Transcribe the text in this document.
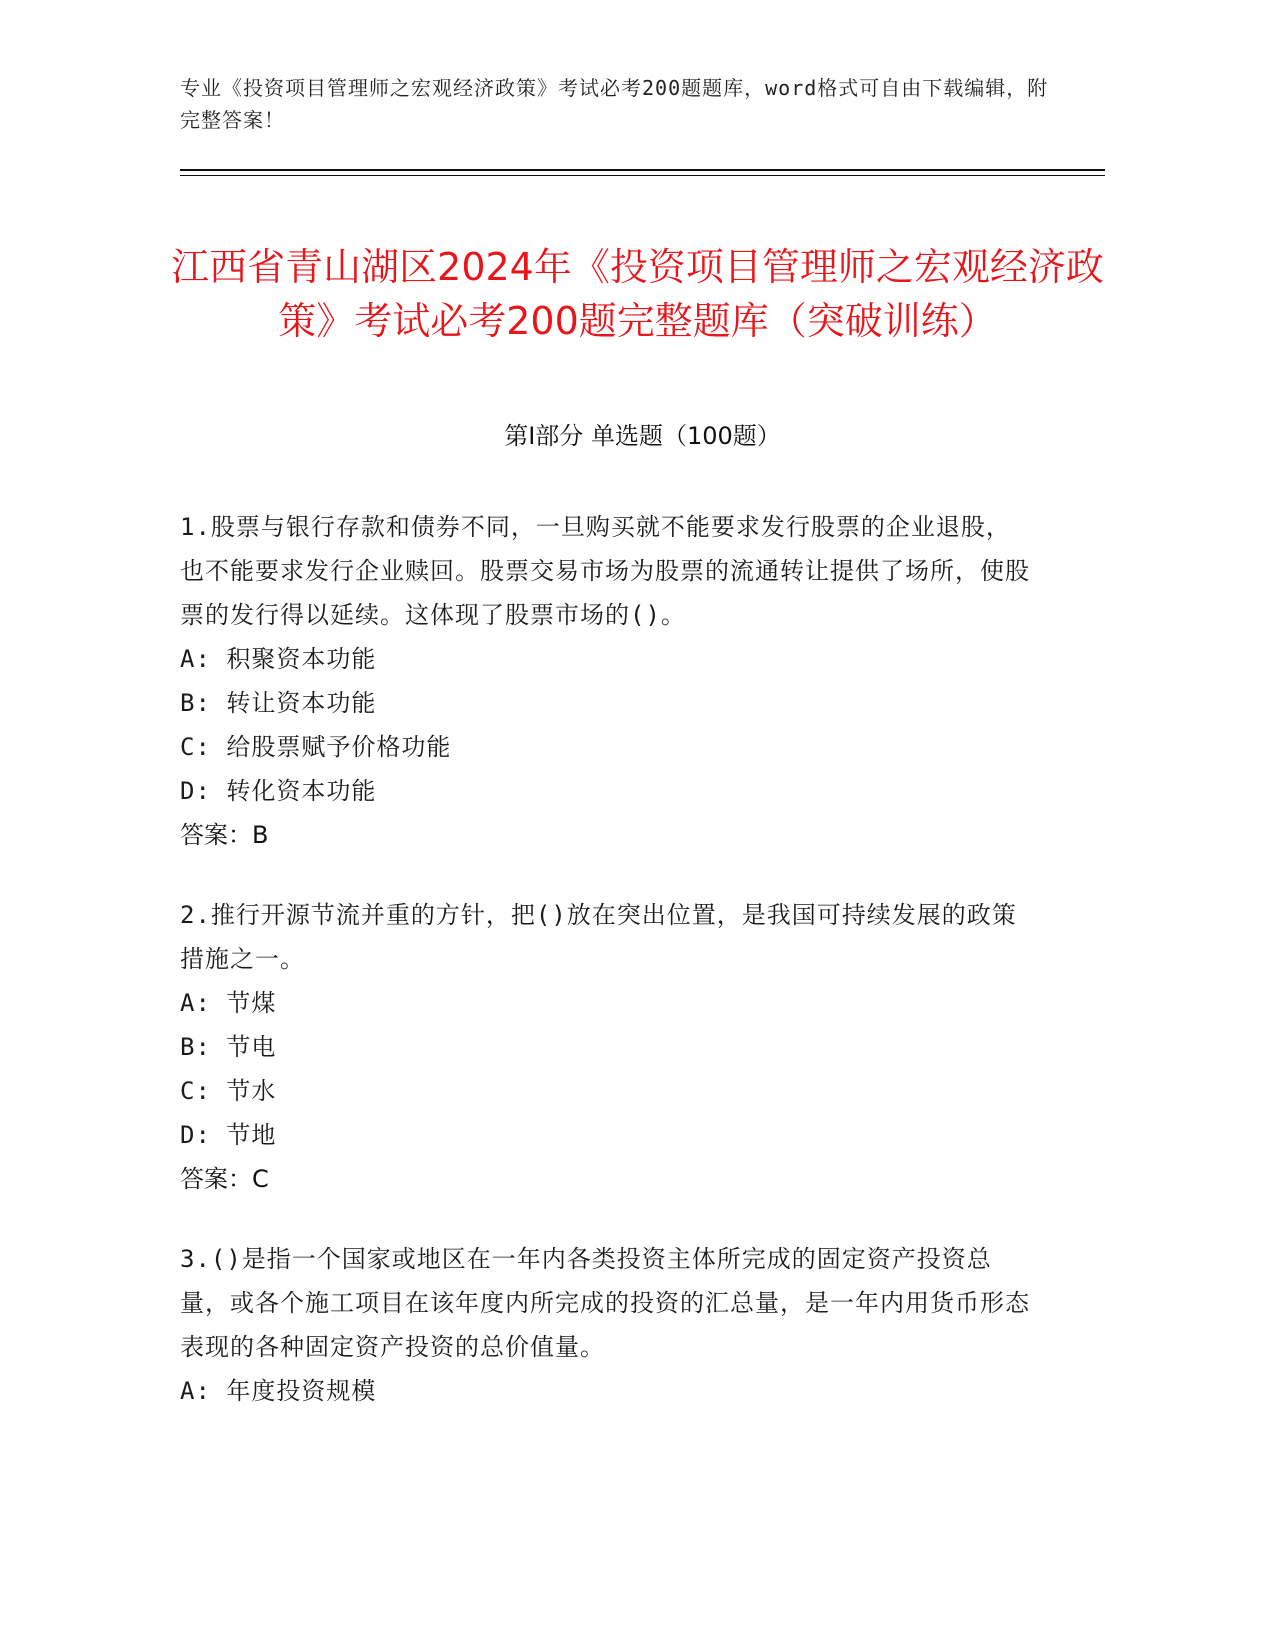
专业《投资项目管理师之宏观经济政策》考试必考200题题库，word格式可自由下载编辑，附完整答案！
江西省青山湖区2024年《投资项目管理师之宏观经济政策》考试必考200题完整题库（突破训练）
第Ⅰ部分 单选题（100题）

1.股票与银行存款和债券不同，一旦购买就不能要求发行股票的企业退股，也不能要求发行企业赎回。股票交易市场为股票的流通转让提供了场所，使股票的发行得以延续。这体现了股票市场的()。

A: 积聚资本功能

B: 转让资本功能

C: 给股票赋予价格功能

D: 转化资本功能

答案：B

2.推行开源节流并重的方针，把()放在突出位置，是我国可持续发展的政策措施之一。

A: 节煤

B: 节电

C: 节水

D: 节地

答案：C

3.()是指一个国家或地区在一年内各类投资主体所完成的固定资产投资总量，或各个施工项目在该年度内所完成的投资的汇总量，是一年内用货币形态表现的各种固定资产投资的总价值量。

A: 年度投资规模
